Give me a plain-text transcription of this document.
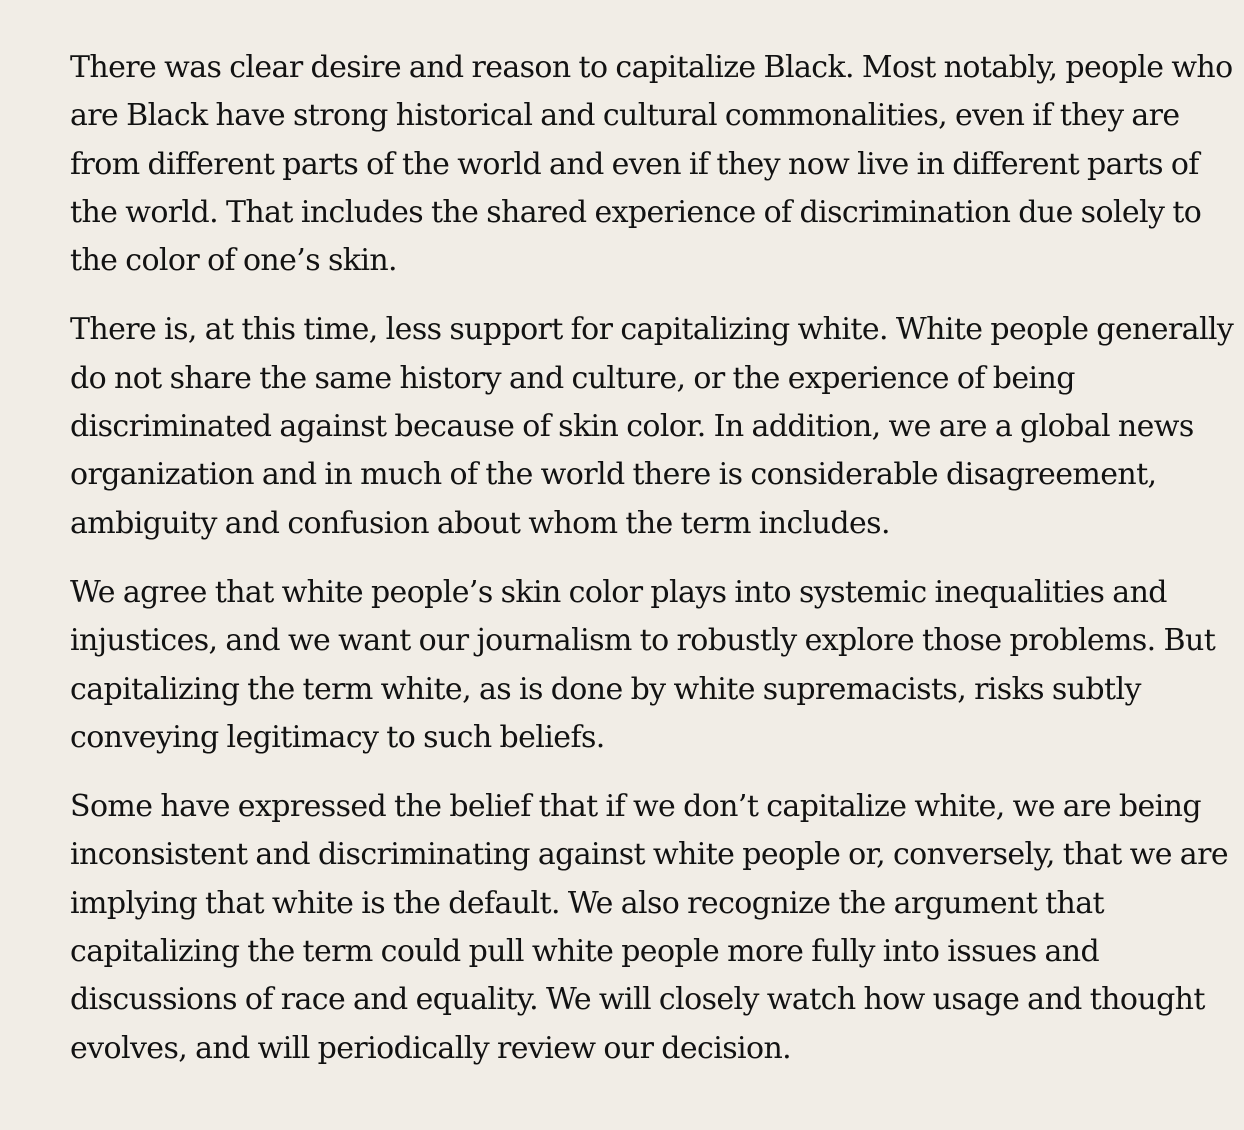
There was clear desire and reason to capitalize Black. Most notably, people who
are Black have strong historical and cultural commonalities, even if they are
from different parts of the world and even if they now live in different parts of
the world. That includes the shared experience of discrimination due solely to
the color of one’s skin.

There is, at this time, less support for capitalizing white. White people generally
do not share the same history and culture, or the experience of being
discriminated against because of skin color. In addition, we are a global news
organization and in much of the world there is considerable disagreement,
ambiguity and confusion about whom the term includes.

We agree that white people’s skin color plays into systemic inequalities and
injustices, and we want our journalism to robustly explore those problems. But
capitalizing the term white, as is done by white supremacists, risks subtly
conveying legitimacy to such beliefs.

Some have expressed the belief that if we don’t capitalize white, we are being
inconsistent and discriminating against white people or, conversely, that we are
implying that white is the default. We also recognize the argument that
capitalizing the term could pull white people more fully into issues and
discussions of race and equality. We will closely watch how usage and thought
evolves, and will periodically review our decision.
